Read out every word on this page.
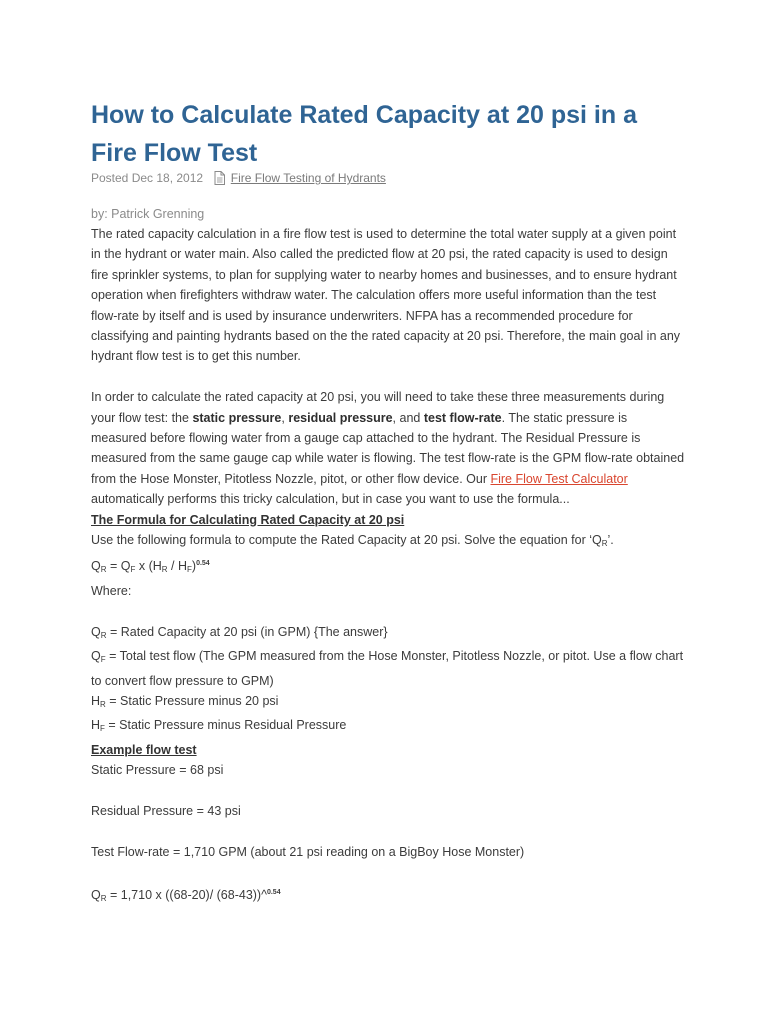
How to Calculate Rated Capacity at 20 psi in a Fire Flow Test
Posted Dec 18, 2012 Fire Flow Testing of Hydrants
by: Patrick Grenning

The rated capacity calculation in a fire flow test is used to determine the total water supply at a given point in the hydrant or water main. Also called the predicted flow at 20 psi, the rated capacity is used to design fire sprinkler systems, to plan for supplying water to nearby homes and businesses, and to ensure hydrant operation when firefighters withdraw water. The calculation offers more useful information than the test flow-rate by itself and is used by insurance underwriters. NFPA has a recommended procedure for classifying and painting hydrants based on the the rated capacity at 20 psi. Therefore, the main goal in any hydrant flow test is to get this number.

In order to calculate the rated capacity at 20 psi, you will need to take these three measurements during your flow test: the static pressure, residual pressure, and test flow-rate. The static pressure is measured before flowing water from a gauge cap attached to the hydrant. The Residual Pressure is measured from the same gauge cap while water is flowing. The test flow-rate is the GPM flow-rate obtained from the Hose Monster, Pitotless Nozzle, pitot, or other flow device. Our Fire Flow Test Calculator automatically performs this tricky calculation, but in case you want to use the formula...

The Formula for Calculating Rated Capacity at 20 psi

Use the following formula to compute the Rated Capacity at 20 psi. Solve the equation for ‘QR’.

QR = QF x (HR / HF)$^{0.54}$

Where:

QR = Rated Capacity at 20 psi (in GPM) {The answer}

QF = Total test flow (The GPM measured from the Hose Monster, Pitotless Nozzle, or pitot. Use a flow chart to convert flow pressure to GPM)

HR = Static Pressure minus 20 psi

HF = Static Pressure minus Residual Pressure

Example flow test

Static Pressure = 68 psi

Residual Pressure = 43 psi

Test Flow-rate = 1,710 GPM (about 21 psi reading on a BigBoy Hose Monster)

QR = 1,710 x ((68-20)/ (68-43))^$^{0.54}$
